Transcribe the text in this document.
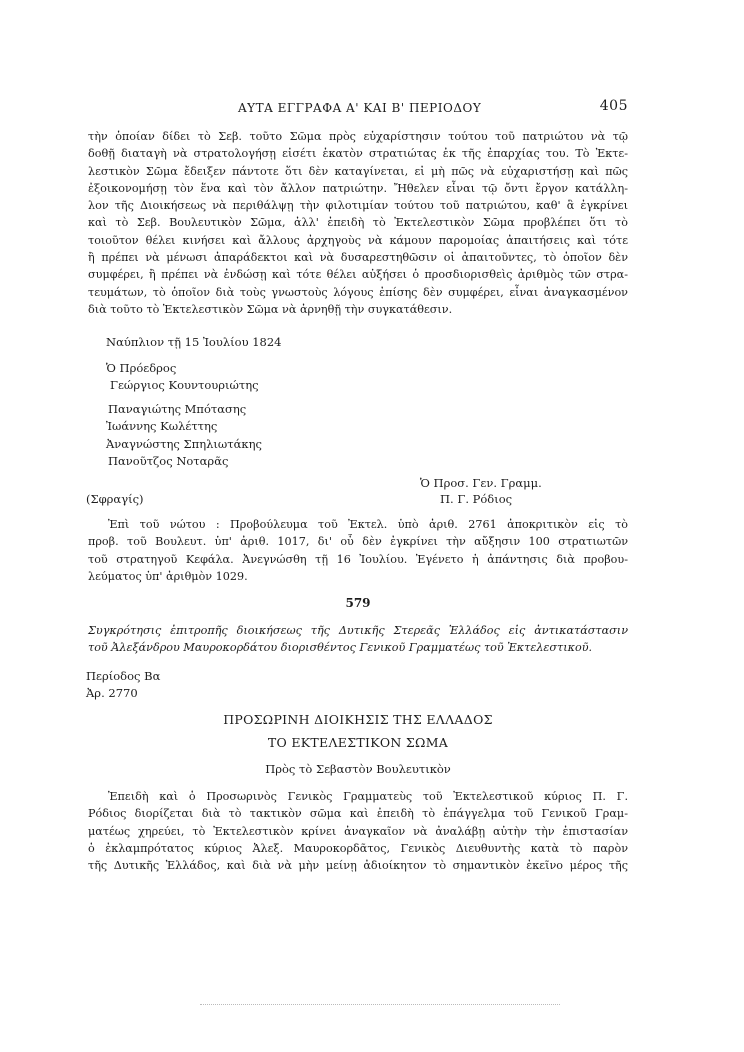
ΑΥΤΑ ΕΓΓΡΑΦΑ Α' ΚΑΙ Β' ΠΕΡΙΟΔΟΥ	405
τὴν ὁποίαν δίδει τὸ Σεβ. τοῦτο Σῶμα πρὸς εὐχαρίστησιν τούτου τοῦ πατριώτου νὰ τῷ
δοθῇ διαταγὴ νὰ στρατολογήσῃ εἰσέτι ἑκατὸν στρατιώτας ἐκ τῆς ἐπαρχίας του. Τὸ Ἐκτε-
λεστικὸν Σῶμα ἔδειξεν πάντοτε ὅτι δὲν καταγίνεται, εἰ μὴ πῶς νὰ εὐχαριστήσῃ καὶ πῶς
ἐξοικονομήσῃ τὸν ἕνα καὶ τὸν ἄλλον πατριώτην. Ἤθελεν εἶναι τῷ ὄντι ἔργον κατάλλη-
λον τῆς Διοικήσεως νὰ περιθάλψῃ τὴν φιλοτιμίαν τούτου τοῦ πατριώτου, καθ' ἃ ἐγκρίνει
καὶ τὸ Σεβ. Βουλευτικὸν Σῶμα, ἀλλ' ἐπειδὴ τὸ Ἐκτελεστικὸν Σῶμα προβλέπει ὅτι τὸ
τοιοῦτον θέλει κινήσει καὶ ἄλλους ἀρχηγοὺς νὰ κάμουν παρομοίας ἀπαιτήσεις καὶ τότε
ἢ πρέπει νὰ μένωσι ἀπαράδεκτοι καὶ νὰ δυσαρεστηθῶσιν οἱ ἀπαιτοῦντες, τὸ ὁποῖον δὲν
συμφέρει, ἢ πρέπει νὰ ἐνδώσῃ καὶ τότε θέλει αὐξήσει ὁ προσδιορισθεὶς ἀριθμὸς τῶν στρα-
τευμάτων, τὸ ὁποῖον διὰ τοὺς γνωστοὺς λόγους ἐπίσης δὲν συμφέρει, εἶναι ἀναγκασμένον
διὰ τοῦτο τὸ Ἐκτελεστικὸν Σῶμα νὰ ἀρνηθῇ τὴν συγκατάθεσιν.
Ναύπλιον τῇ 15 Ἰουλίου 1824
Ὁ Πρόεδρος
Γεώργιος Κουντουριώτης
Παναγιώτης Μπότασης
Ἰωάννης Κωλέττης
Ἀναγνώστης Σπηλιωτάκης
Πανοῦτζος Νοταρᾶς
Ὁ Προσ. Γεν. Γραμμ.
(Σφραγίς)	Π. Γ. Ρόδιος
Ἐπὶ τοῦ νώτου : Προβούλευμα τοῦ Ἐκτελ. ὑπὸ ἀριθ. 2761 ἀποκριτικὸν εἰς τὸ
προβ. τοῦ Βουλευτ. ὑπ' ἀριθ. 1017, δι' οὗ δὲν ἐγκρίνει τὴν αὔξησιν 100 στρατιωτῶν
τοῦ στρατηγοῦ Κεφάλα. Ἀνεγνώσθη τῇ 16 Ἰουλίου. Ἐγένετο ἡ ἀπάντησις διὰ προβου-
λεύματος ὑπ' ἀριθμὸν 1029.
579
Συγκρότησις ἐπιτροπῆς διοικήσεως τῆς Δυτικῆς Στερεᾶς Ἑλλάδος εἰς ἀντικατάστασιν
τοῦ Ἀλεξάνδρου Μαυροκορδάτου διορισθέντος Γενικοῦ Γραμματέως τοῦ Ἐκτελεστικοῦ.
Περίοδος Βα
Ἀρ. 2770
ΠΡΟΣΩΡΙΝΗ ΔΙΟΙΚΗΣΙΣ ΤΗΣ ΕΛΛΑΔΟΣ
ΤΟ ΕΚΤΕΛΕΣΤΙΚΟΝ ΣΩΜΑ
Πρὸς τὸ Σεβαστὸν Βουλευτικὸν
Ἐπειδὴ καὶ ὁ Προσωρινὸς Γενικὸς Γραμματεὺς τοῦ Ἐκτελεστικοῦ κύριος Π. Γ.
Ρόδιος διορίζεται διὰ τὸ τακτικὸν σῶμα καὶ ἐπειδὴ τὸ ἐπάγγελμα τοῦ Γενικοῦ Γραμ-
ματέως χηρεύει, τὸ Ἐκτελεστικὸν κρίνει ἀναγκαῖον νὰ ἀναλάβῃ αὐτὴν τὴν ἐπιστασίαν
ὁ ἐκλαμπρότατος κύριος Ἀλεξ. Μαυροκορδᾶτος, Γενικὸς Διευθυντὴς κατὰ τὸ παρὸν
τῆς Δυτικῆς Ἑλλάδος, καὶ διὰ νὰ μὴν μείνῃ ἀδιοίκητον τὸ σημαντικὸν ἐκεῖνο μέρος τῆς
